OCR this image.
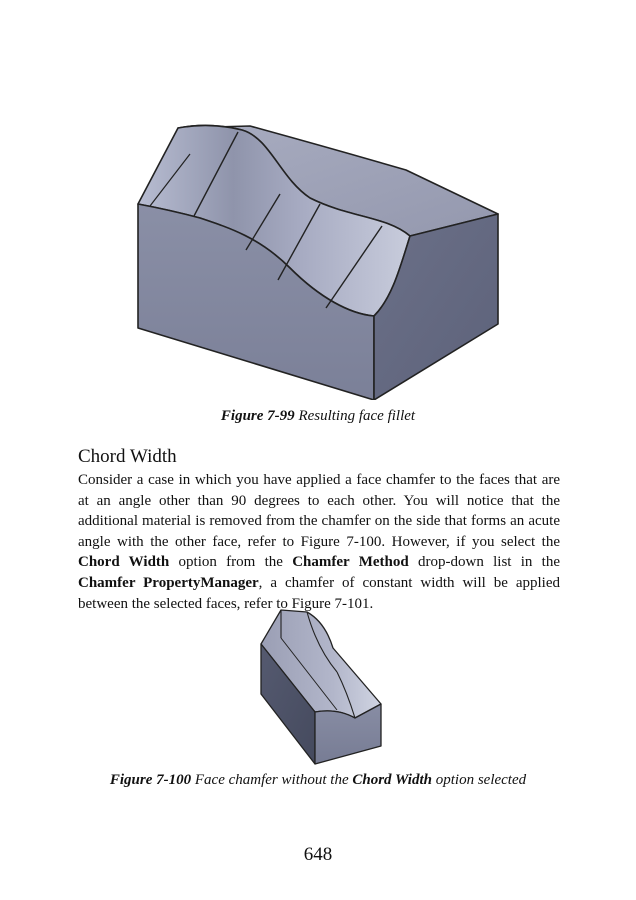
Figure 7-99 Resulting face fillet
Chord Width
Consider a case in which you have applied a face chamfer to the faces that are at an angle other than 90 degrees to each other. You will notice that the additional material is removed from the chamfer on the side that forms an acute angle with the other face, refer to Figure 7-100. However, if you select the Chord Width option from the Chamfer Method drop-down list in the Chamfer PropertyManager, a chamfer of constant width will be applied between the selected faces, refer to Figure 7-101.
Figure 7-100 Face chamfer without the Chord Width option selected
648
